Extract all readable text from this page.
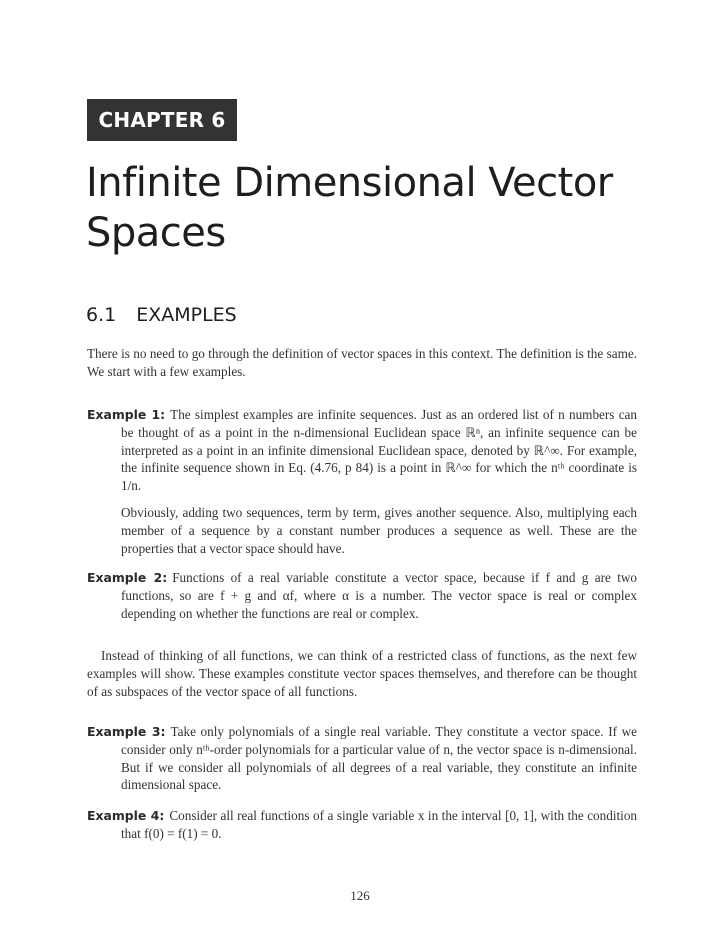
CHAPTER 6
Infinite Dimensional Vector Spaces
6.1 EXAMPLES

There is no need to go through the definition of vector spaces in this context. The definition is the same. We start with a few examples.

Example 1: The simplest examples are infinite sequences. Just as an ordered list of n numbers can be thought of as a point in the n-dimensional Euclidean space ℝⁿ, an infinite sequence can be interpreted as a point in an infinite dimensional Euclidean space, denoted by ℝ^∞. For example, the infinite sequence shown in Eq. (4.76, p 84) is a point in ℝ^∞ for which the nᵗʰ coordinate is 1/n.

Obviously, adding two sequences, term by term, gives another sequence. Also, multiplying each member of a sequence by a constant number produces a sequence as well. These are the properties that a vector space should have.

Example 2: Functions of a real variable constitute a vector space, because if f and g are two functions, so are f + g and αf, where α is a number. The vector space is real or complex depending on whether the functions are real or complex.

Instead of thinking of all functions, we can think of a restricted class of functions, as the next few examples will show. These examples constitute vector spaces themselves, and therefore can be thought of as subspaces of the vector space of all functions.

Example 3: Take only polynomials of a single real variable. They constitute a vector space. If we consider only nᵗʰ-order polynomials for a particular value of n, the vector space is n-dimensional. But if we consider all polynomials of all degrees of a real variable, they constitute an infinite dimensional space.

Example 4: Consider all real functions of a single variable x in the interval [0, 1], with the condition that f(0) = f(1) = 0.

126
